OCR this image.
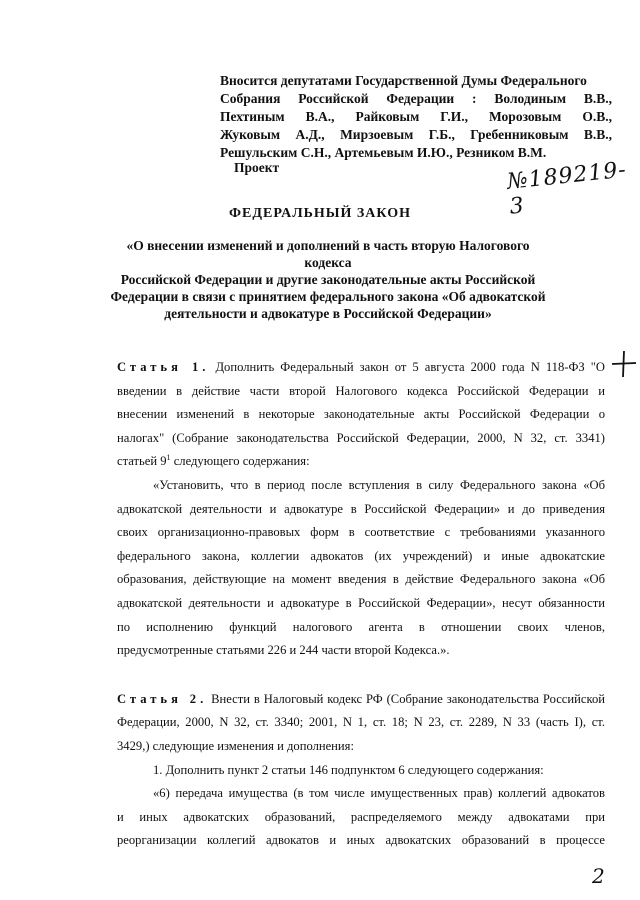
Вносится депутатами Государственной Думы Федерального
Собрания Российской Федерации : Володиным В.В.,
Пехтиным В.А., Райковым Г.И., Морозовым О.В.,
Жуковым А.Д., Мирзоевым Г.Б., Гребенниковым В.В.,
Решульским С.Н., Артемьевым И.Ю., Резником В.М.
Проект	№189219-3
ФЕДЕРАЛЬНЫЙ ЗАКОН
«О внесении изменений и дополнений в часть вторую Налогового кодекса
Российской Федерации и другие законодательные акты Российской
Федерации в связи с принятием федерального закона «Об адвокатской
деятельности и адвокатуре в Российской Федерации»
Статья 1. Дополнить Федеральный закон от 5 августа 2000 года N 118-ФЗ "О
введении в действие части второй Налогового кодекса Российской Федерации и
внесении изменений в некоторые законодательные акты Российской Федерации о
налогах" (Собрание законодательства Российской Федерации, 2000, N 32, ст. 3341)
статьей $9^1$ следующего содержания:
«Установить, что в период после вступления в силу Федерального закона «Об
адвокатской деятельности и адвокатуре в Российской Федерации» и до приведения
своих организационно-правовых форм в соответствие с требованиями указанного
федерального закона, коллегии адвокатов (их учреждений) и иные адвокатские
образования, действующие на момент введения в действие Федерального закона «Об
адвокатской деятельности и адвокатуре в Российской Федерации», несут обязанности
по исполнению функций налогового агента в отношении своих членов,
предусмотренные статьями 226 и 244 части второй Кодекса.».
Статья 2. Внести в Налоговый кодекс РФ (Собрание законодательства Российской
Федерации, 2000, N 32, ст. 3340; 2001, N 1, ст. 18; N 23, ст. 2289, N 33 (часть I), ст.
3429,) следующие изменения и дополнения:
1. Дополнить пункт 2 статьи 146 подпунктом 6 следующего содержания:
«6) передача имущества (в том числе имущественных прав) коллегий адвокатов
и иных адвокатских образований, распределяемого между адвокатами при
реорганизации коллегий адвокатов и иных адвокатских образований в процессе
2
